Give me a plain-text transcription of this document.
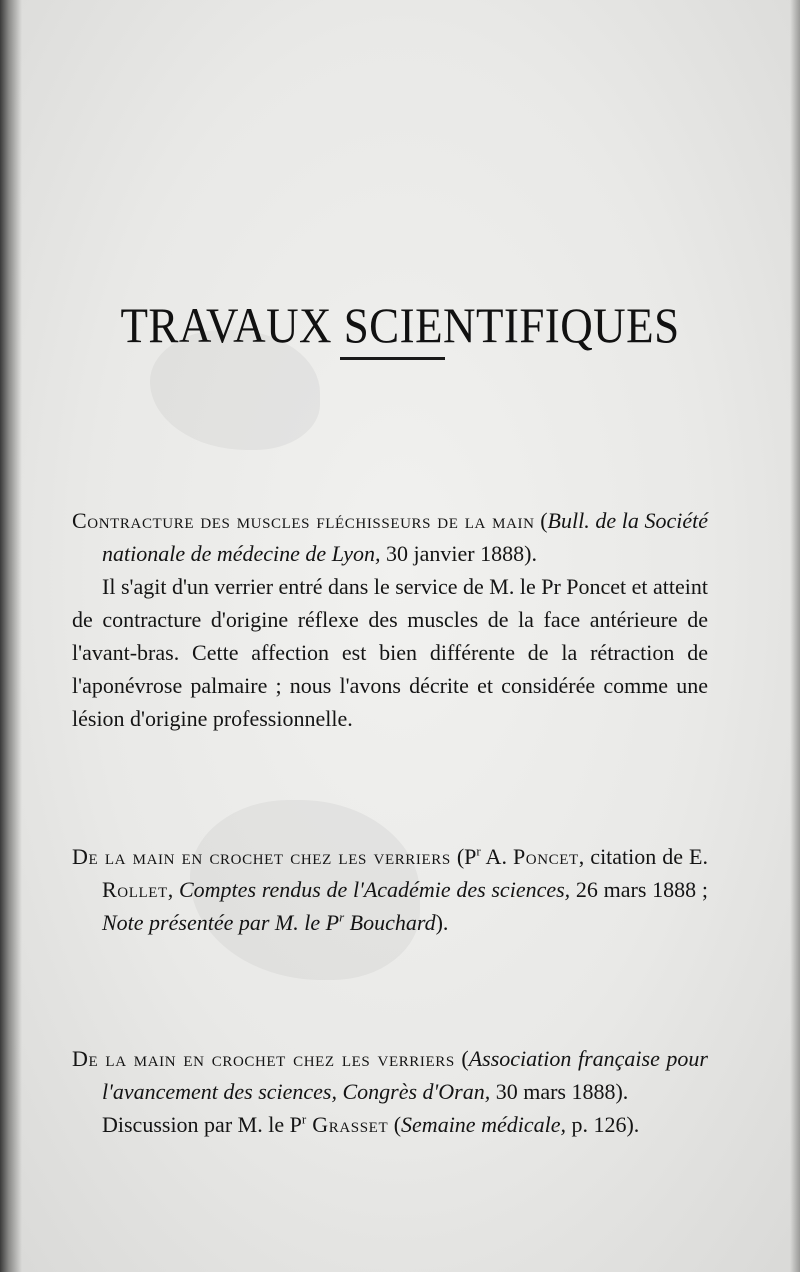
TRAVAUX SCIENTIFIQUES

Contracture des muscles fléchisseurs de la main (Bull. de la Société nationale de médecine de Lyon, 30 janvier 1888).

Il s'agit d'un verrier entré dans le service de M. le Pr Poncet et atteint de contracture d'origine réflexe des muscles de la face antérieure de l'avant-bras. Cette affection est bien différente de la rétraction de l'aponévrose palmaire ; nous l'avons décrite et considérée comme une lésion d'origine professionnelle.

De la main en crochet chez les verriers ($P^r$ A. Poncet, citation de E. Rollet, Comptes rendus de l'Académie des sciences, 26 mars 1888 ; Note présentée par M. le $P^r$ Bouchard).

De la main en crochet chez les verriers (Association française pour l'avancement des sciences, Congrès d'Oran, 30 mars 1888).

Discussion par M. le $P^r$ Grasset (Semaine médicale, p. 126).
